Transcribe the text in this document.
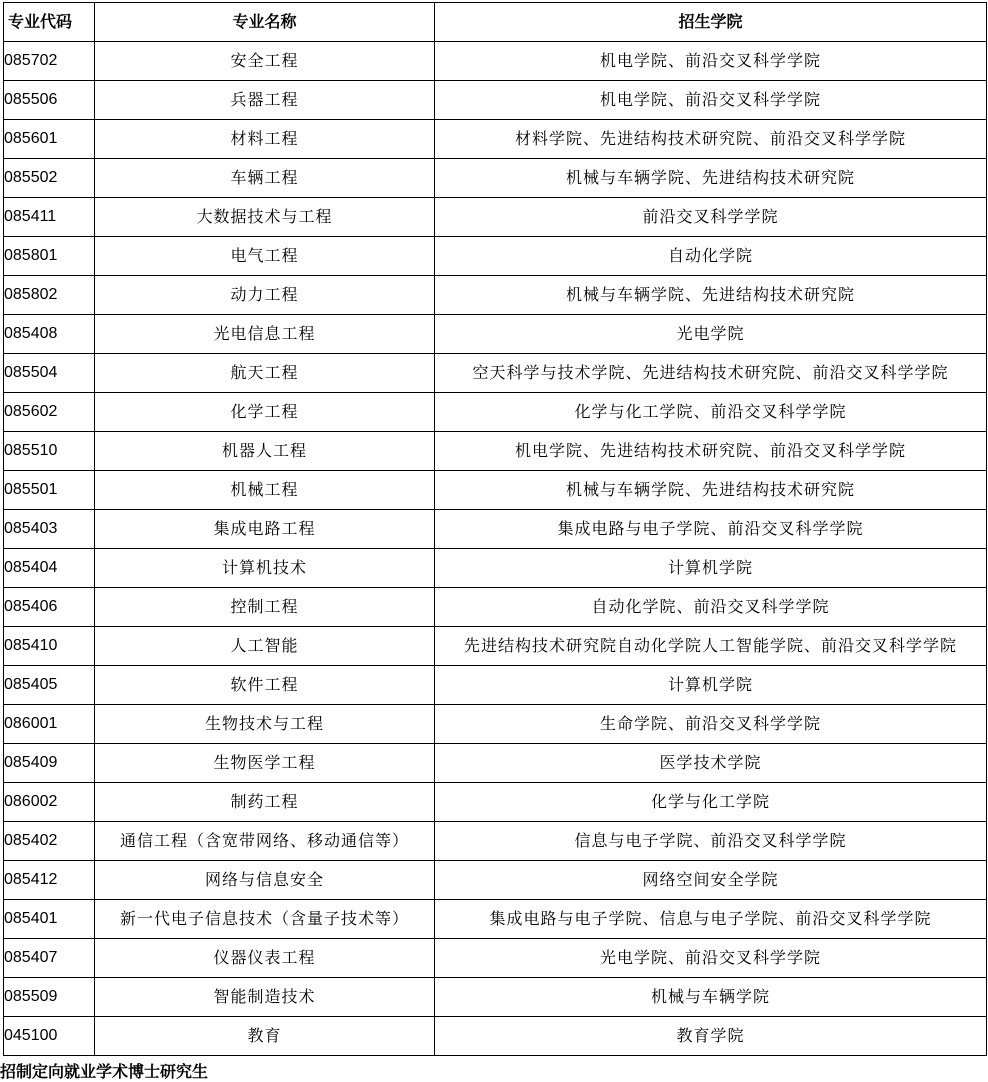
专业代码	专业名称	招生学院
085702	安全工程	机电学院、前沿交叉科学学院
085506	兵器工程	机电学院、前沿交叉科学学院
085601	材料工程	材料学院、先进结构技术研究院、前沿交叉科学学院
085502	车辆工程	机械与车辆学院、先进结构技术研究院
085411	大数据技术与工程	前沿交叉科学学院
085801	电气工程	自动化学院
085802	动力工程	机械与车辆学院、先进结构技术研究院
085408	光电信息工程	光电学院
085504	航天工程	空天科学与技术学院、先进结构技术研究院、前沿交叉科学学院
085602	化学工程	化学与化工学院、前沿交叉科学学院
085510	机器人工程	机电学院、先进结构技术研究院、前沿交叉科学学院
085501	机械工程	机械与车辆学院、先进结构技术研究院
085403	集成电路工程	集成电路与电子学院、前沿交叉科学学院
085404	计算机技术	计算机学院
085406	控制工程	自动化学院、前沿交叉科学学院
085410	人工智能	先进结构技术研究院自动化学院人工智能学院、前沿交叉科学学院
085405	软件工程	计算机学院
086001	生物技术与工程	生命学院、前沿交叉科学学院
085409	生物医学工程	医学技术学院
086002	制药工程	化学与化工学院
085402	通信工程（含宽带网络、移动通信等）	信息与电子学院、前沿交叉科学学院
085412	网络与信息安全	网络空间安全学院
085401	新一代电子信息技术（含量子技术等）	集成电路与电子学院、信息与电子学院、前沿交叉科学学院
085407	仪器仪表工程	光电学院、前沿交叉科学学院
085509	智能制造技术	机械与车辆学院
045100	教育	教育学院
招制定向就业学术博士研究生
